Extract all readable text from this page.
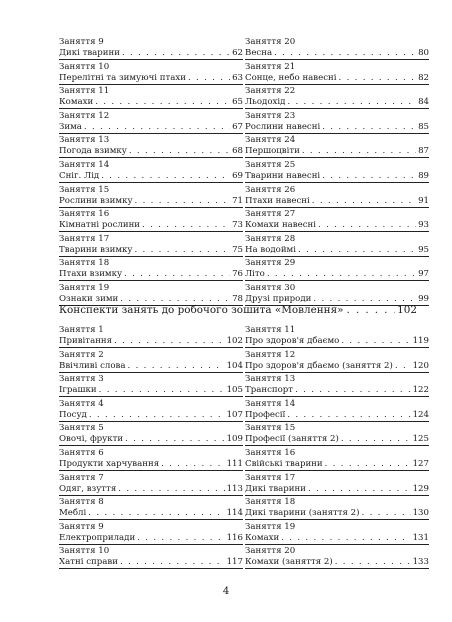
Заняття 9
Дикі тварини . . .	62
Заняття 10
Перелітні та зимуючі птахи . . .	63
Заняття 11
Комахи . . .	65
Заняття 12
Зима . . .	67
Заняття 13
Погода взимку . . .	68
Заняття 14
Сніг. Лід . . .	69
Заняття 15
Рослини взимку . . .	71
Заняття 16
Кімнатні рослини . . .	73
Заняття 17
Тварини взимку . . .	75
Заняття 18
Птахи взимку . . .	76
Заняття 19
Ознаки зими . . .	78
Заняття 20
Весна . . .	80
Заняття 21
Сонце, небо навесні . . .	82
Заняття 22
Льодохід . . .	84
Заняття 23
Рослини навесні . . .	85
Заняття 24
Першоцвіти . . .	87
Заняття 25
Тварини навесні . . .	89
Заняття 26
Птахи навесні . . .	91
Заняття 27
Комахи навесні . . .	93
Заняття 28
На водоймі . . .	95
Заняття 29
Літо . . .	97
Заняття 30
Друзі природи . . .	99
Конспекти занять до робочого зошита «Мовлення» . . .	102
Заняття 1
Привітання . . .	102
Заняття 2
Ввічливі слова . . .	104
Заняття 3
Іграшки . . .	105
Заняття 4
Посуд . . .	107
Заняття 5
Овочі, фрукти . . .	109
Заняття 6
Продукти харчування . . .	111
Заняття 7
Одяг, взуття . . .	113
Заняття 8
Меблі . . .	114
Заняття 9
Електроприлади . . .	116
Заняття 10
Хатні справи . . .	117
Заняття 11
Про здоров'я дбаємо . . .	119
Заняття 12
Про здоров'я дбаємо (заняття 2) . . . 120
Заняття 13
Транспорт . . .	122
Заняття 14
Професії . . .	124
Заняття 15
Професії (заняття 2) . . .	125
Заняття 16
Свійські тварини . . .	127
Заняття 17
Дикі тварини . . .	129
Заняття 18
Дикі тварини (заняття 2) . . .	130
Заняття 19
Комахи . . .	131
Заняття 20
Комахи (заняття 2) . . .	133
4
